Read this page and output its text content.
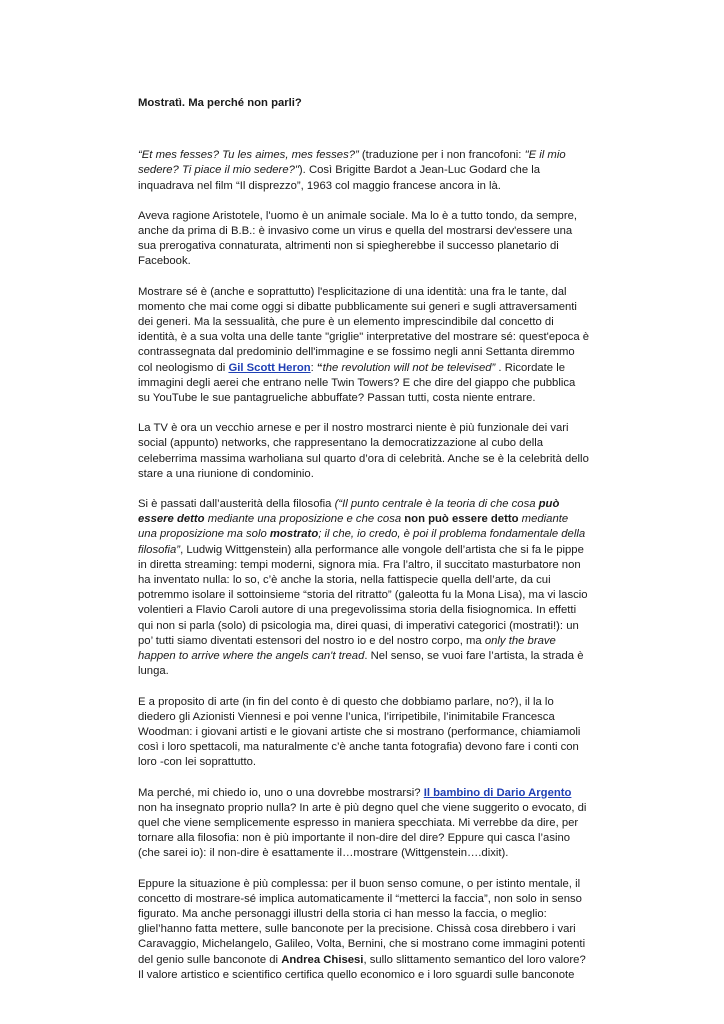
Mostratì. Ma perché non parli?

“Et mes fesses? Tu les aimes, mes fesses?” (traduzione per i non francofoni: "E il mio sedere? Ti piace il mio sedere?"). Così Brigitte Bardot a Jean-Luc Godard che la inquadrava nel film “Il disprezzo”, 1963 col maggio francese ancora in là.

Aveva ragione Aristotele, l'uomo è un animale sociale. Ma lo è a tutto tondo, da sempre, anche da prima di B.B.: è invasivo come un virus e quella del mostrarsi dev'essere una sua prerogativa connaturata, altrimenti non si spiegherebbe il successo planetario di Facebook.

Mostrare sé è (anche e soprattutto) l'esplicitazione di una identità: una fra le tante, dal momento che mai come oggi si dibatte pubblicamente sui generi e sugli attraversamenti dei generi. Ma la sessualità, che pure è un elemento imprescindibile dal concetto di identità, è a sua volta una delle tante "griglie" interpretative del mostrare sé: quest'epoca è contrassegnata dal predominio dell'immagine e se fossimo negli anni Settanta diremmo col neologismo di Gil Scott Heron: “the revolution will not be televised” . Ricordate le immagini degli aerei che entrano nelle Twin Towers? E che dire del giappo che pubblica su YouTube le sue pantagrueliche abbuffate? Passan tutti, costa niente entrare.

La TV è ora un vecchio arnese e per il nostro mostrarci niente è più funzionale dei vari social (appunto) networks, che rappresentano la democratizzazione al cubo della celeberrima massima warholiana sul quarto d’ora di celebrità. Anche se è la celebrità dello stare a una riunione di condominio.

Si è passati dall’austerità della filosofia (“Il punto centrale è la teoria di che cosa può essere detto mediante una proposizione e che cosa non può essere detto mediante una proposizione ma solo mostrato; il che, io credo, è poi il problema fondamentale della filosofia”, Ludwig Wittgenstein) alla performance alle vongole dell’artista che si fa le pippe in diretta streaming: tempi moderni, signora mia. Fra l’altro, il succitato masturbatore non ha inventato nulla: lo so, c’è anche la storia, nella fattispecie quella dell’arte, da cui potremmo isolare il sottoinsieme “storia del ritratto” (galeotta fu la Mona Lisa), ma vi lascio volentieri a Flavio Caroli autore di una pregevolissima storia della fisiognomica. In effetti qui non si parla (solo) di psicologia ma, direi quasi, di imperativi categorici (mostrati!): un po’ tutti siamo diventati estensori del nostro io e del nostro corpo, ma only the brave happen to arrive where the angels can't tread. Nel senso, se vuoi fare l’artista, la strada è lunga.

E a proposito di arte (in fin del conto è di questo che dobbiamo parlare, no?), il la lo diedero gli Azionisti Viennesi e poi venne l’unica, l’irripetibile, l’inimitabile Francesca Woodman: i giovani artisti e le giovani artiste che si mostrano (performance, chiamiamoli così i loro spettacoli, ma naturalmente c’è anche tanta fotografia) devono fare i conti con loro -con lei soprattutto.

Ma perché, mi chiedo io, uno o una dovrebbe mostrarsi? Il bambino di Dario Argento non ha insegnato proprio nulla? In arte è più degno quel che viene suggerito o evocato, di quel che viene semplicemente espresso in maniera specchiata. Mi verrebbe da dire, per tornare alla filosofia: non è più importante il non-dire del dire? Eppure qui casca l’asino (che sarei io): il non-dire è esattamente il…mostrare (Wittgenstein….dixit).

Eppure la situazione è più complessa: per il buon senso comune, o per istinto mentale, il concetto di mostrare-sé implica automaticamente il “metterci la faccia”, non solo in senso figurato. Ma anche personaggi illustri della storia ci han messo la faccia, o meglio: gliel’hanno fatta mettere, sulle banconote per la precisione. Chissà cosa direbbero i vari Caravaggio, Michelangelo, Galileo, Volta, Bernini, che si mostrano come immagini potenti del genio sulle banconote di Andrea Chisesi, sullo slittamento semantico del loro valore? Il valore artistico e scientifico certifica quello economico e i loro sguardi sulle banconote
